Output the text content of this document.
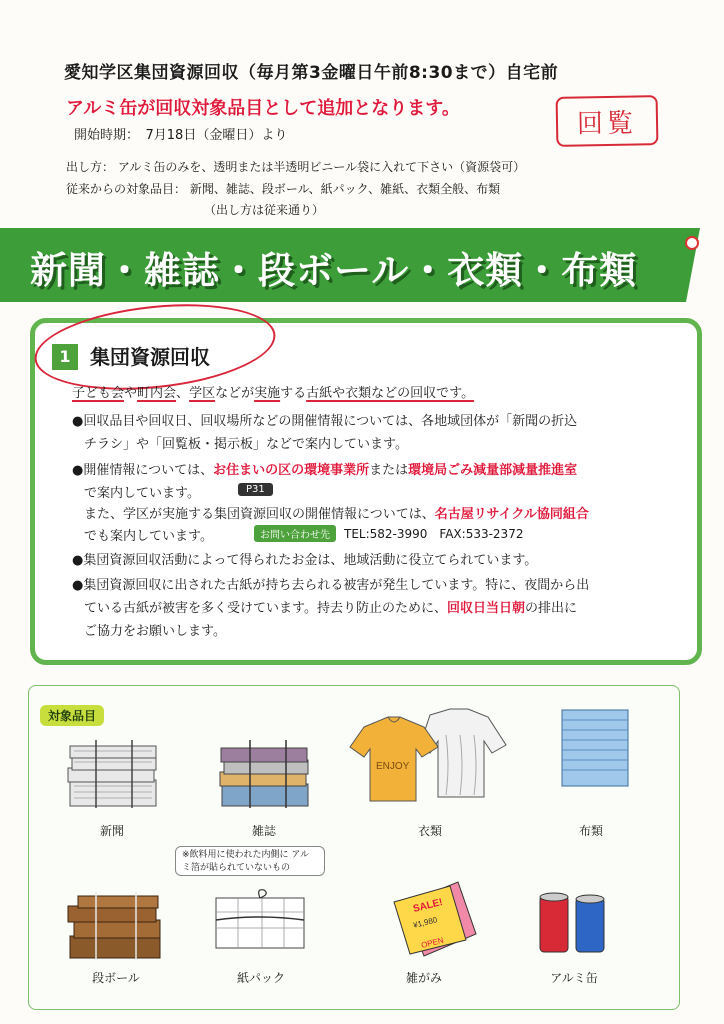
愛知学区集団資源回収（毎月第3金曜日午前8:30まで）自宅前
アルミ缶が回収対象品目として追加となります。
開始時期：　7月18日（金曜日）より	回覧
出し方： アルミ缶のみを、透明または半透明ビニール袋に入れて下さい（資源袋可）
従来からの対象品目： 新聞、雑誌、段ボール、紙パック、雑紙、衣類全般、布類
（出し方は従来通り）
新聞・雑誌・段ボール・衣類・布類
1 集団資源回収
子ども会や町内会、学区などが実施する古紙や衣類などの回収です。
●回収品目や回収日、回収場所などの開催情報については、各地域団体が「新聞の折込
チラシ」や「回覧板・掲示板」などで案内しています。
●開催情報については、お住まいの区の環境事業所または環境局ごみ減量部減量推進室
で案内しています。	P31
また、学区が実施する集団資源回収の開催情報については、名古屋リサイクル協同組合
でも案内しています。	お問い合わせ先 TEL:582-3990　FAX:533-2372
●集団資源回収活動によって得られたお金は、地域活動に役立てられています。
●集団資源回収に出された古紙が持ち去られる被害が発生しています。特に、夜間から出
ている古紙が被害を多く受けています。持去り防止のために、回収日当日朝の排出に
ご協力をお願いします。
対象品目
新聞	雑誌
ENJOY
衣類	布類
段ボール
※飲料用に使われた内側に アルミ箔が貼られていないもの
紙パック
SALE!
¥1,980
OPEN
雑がみ	アルミ缶
